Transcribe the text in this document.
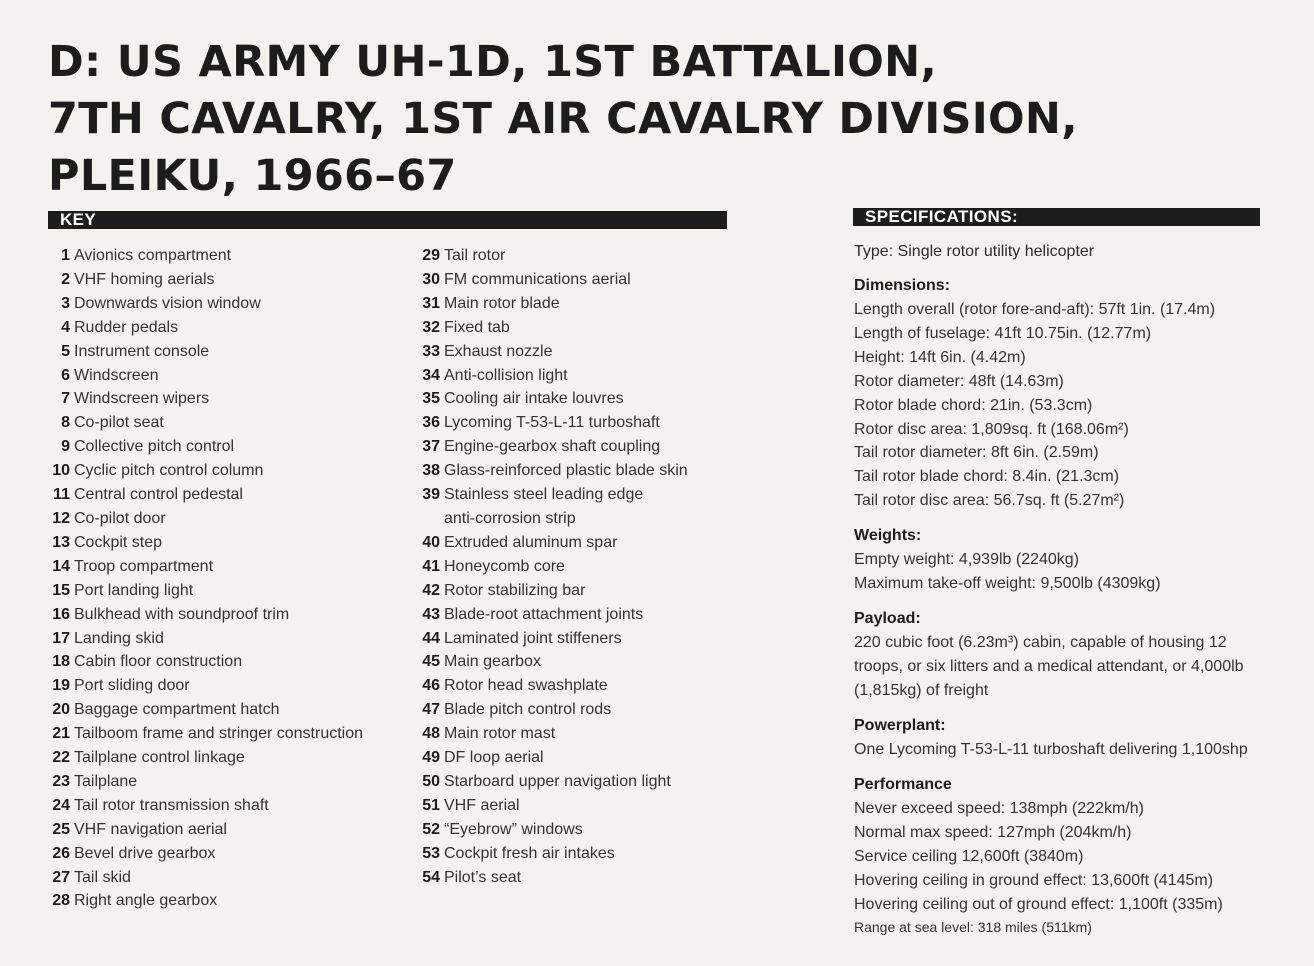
D: US ARMY UH-1D, 1ST BATTALION,
7TH CAVALRY, 1ST AIR CAVALRY DIVISION,
PLEIKU, 1966–67
KEY	SPECIFICATIONS:
1 Avionics compartment
2 VHF homing aerials
3 Downwards vision window
4 Rudder pedals
5 Instrument console
6 Windscreen
7 Windscreen wipers
8 Co-pilot seat
9 Collective pitch control
10 Cyclic pitch control column
11 Central control pedestal
12 Co-pilot door
13 Cockpit step
14 Troop compartment
15 Port landing light
16 Bulkhead with soundproof trim
17 Landing skid
18 Cabin floor construction
19 Port sliding door
20 Baggage compartment hatch
21 Tailboom frame and stringer construction
22 Tailplane control linkage
23 Tailplane
24 Tail rotor transmission shaft
25 VHF navigation aerial
26 Bevel drive gearbox
27 Tail skid
28 Right angle gearbox
29 Tail rotor
30 FM communications aerial
31 Main rotor blade
32 Fixed tab
33 Exhaust nozzle
34 Anti-collision light
35 Cooling air intake louvres
36 Lycoming T-53-L-11 turboshaft
37 Engine-gearbox shaft coupling
38 Glass-reinforced plastic blade skin
39 Stainless steel leading edge
anti-corrosion strip
40 Extruded aluminum spar
41 Honeycomb core
42 Rotor stabilizing bar
43 Blade-root attachment joints
44 Laminated joint stiffeners
45 Main gearbox
46 Rotor head swashplate
47 Blade pitch control rods
48 Main rotor mast
49 DF loop aerial
50 Starboard upper navigation light
51 VHF aerial
52 “Eyebrow” windows
53 Cockpit fresh air intakes
54 Pilot’s seat
Type: Single rotor utility helicopter
Dimensions:
Length overall (rotor fore-and-aft): 57ft 1in. (17.4m)
Length of fuselage: 41ft 10.75in. (12.77m)
Height: 14ft 6in. (4.42m)
Rotor diameter: 48ft (14.63m)
Rotor blade chord: 21in. (53.3cm)
Rotor disc area: 1,809sq. ft (168.06m²)
Tail rotor diameter: 8ft 6in. (2.59m)
Tail rotor blade chord: 8.4in. (21.3cm)
Tail rotor disc area: 56.7sq. ft (5.27m²)
Weights:
Empty weight: 4,939lb (2240kg)
Maximum take-off weight: 9,500lb (4309kg)
Payload:
220 cubic foot (6.23m³) cabin, capable of housing 12 troops, or six litters and a medical attendant, or 4,000lb (1,815kg) of freight
Powerplant:
One Lycoming T-53-L-11 turboshaft delivering 1,100shp
Performance
Never exceed speed: 138mph (222km/h)
Normal max speed: 127mph (204km/h)
Service ceiling 12,600ft (3840m)
Hovering ceiling in ground effect: 13,600ft (4145m)
Hovering ceiling out of ground effect: 1,100ft (335m)
Range at sea level: 318 miles (511km)
